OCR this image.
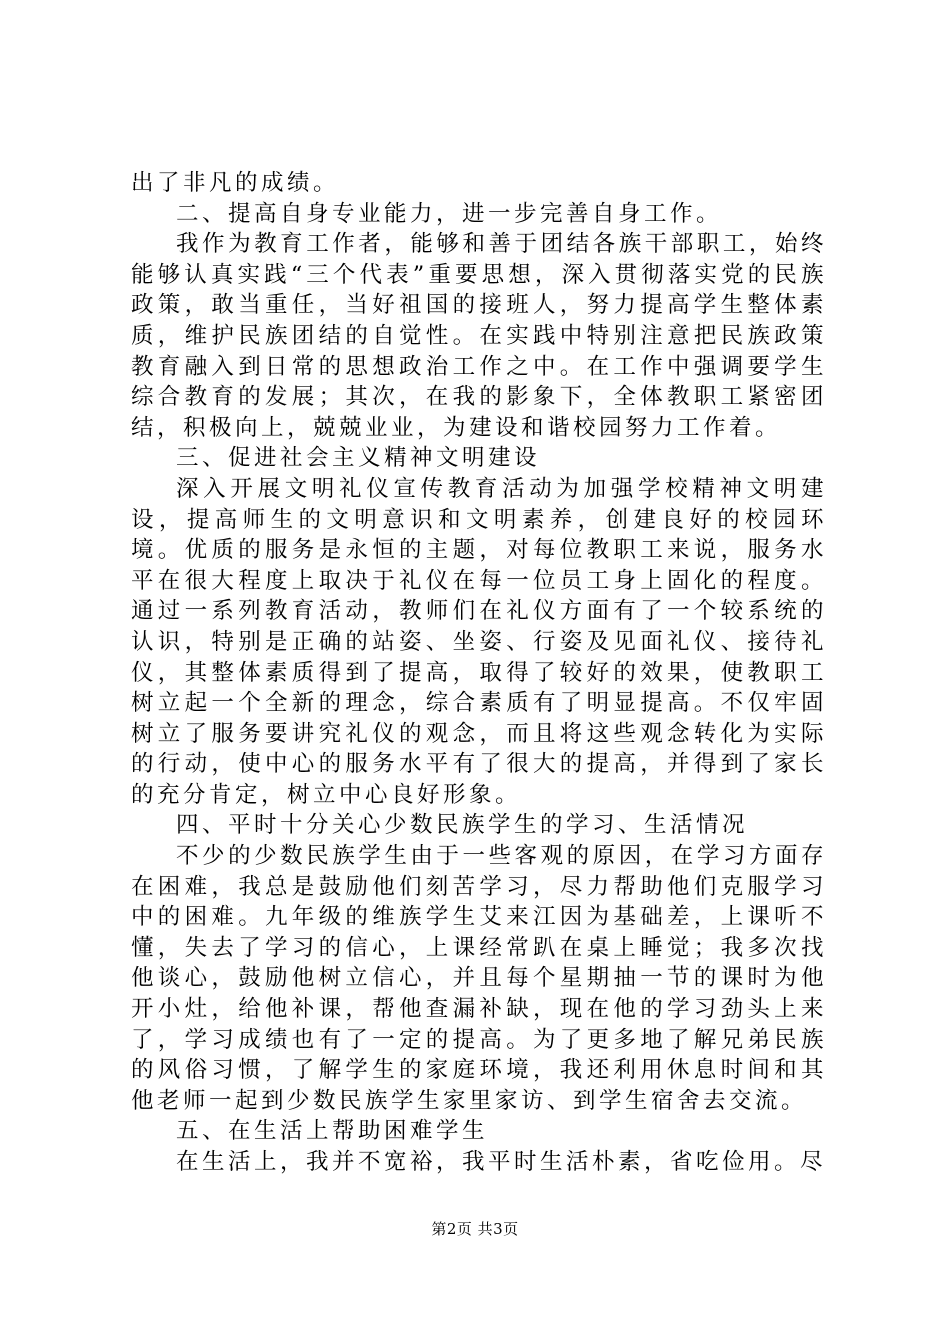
出了非凡的成绩。

二、提高自身专业能力，进一步完善自身工作。

我作为教育工作者，能够和善于团结各族干部职工，始终能够认真实践“三个代表”重要思想，深入贯彻落实党的民族政策，敢当重任，当好祖国的接班人，努力提高学生整体素质，维护民族团结的自觉性。在实践中特别注意把民族政策教育融入到日常的思想政治工作之中。在工作中强调要学生综合教育的发展；其次，在我的影象下，全体教职工紧密团结，积极向上，兢兢业业，为建设和谐校园努力工作着。

三、促进社会主义精神文明建设

深入开展文明礼仪宣传教育活动为加强学校精神文明建设，提高师生的文明意识和文明素养，创建良好的校园环境。优质的服务是永恒的主题，对每位教职工来说，服务水平在很大程度上取决于礼仪在每一位员工身上固化的程度。通过一系列教育活动，教师们在礼仪方面有了一个较系统的认识，特别是正确的站姿、坐姿、行姿及见面礼仪、接待礼仪，其整体素质得到了提高，取得了较好的效果，使教职工树立起一个全新的理念，综合素质有了明显提高。不仅牢固树立了服务要讲究礼仪的观念，而且将这些观念转化为实际的行动，使中心的服务水平有了很大的提高，并得到了家长的充分肯定，树立中心良好形象。

四、平时十分关心少数民族学生的学习、生活情况

不少的少数民族学生由于一些客观的原因，在学习方面存在困难，我总是鼓励他们刻苦学习，尽力帮助他们克服学习中的困难。九年级的维族学生艾来江因为基础差，上课听不懂，失去了学习的信心，上课经常趴在桌上睡觉；我多次找他谈心，鼓励他树立信心，并且每个星期抽一节的课时为他开小灶，给他补课，帮他查漏补缺，现在他的学习劲头上来了，学习成绩也有了一定的提高。为了更多地了解兄弟民族的风俗习惯，了解学生的家庭环境，我还利用休息时间和其他老师一起到少数民族学生家里家访、到学生宿舍去交流。

五、在生活上帮助困难学生

在生活上，我并不宽裕，我平时生活朴素，省吃俭用。尽

第2页 共3页
